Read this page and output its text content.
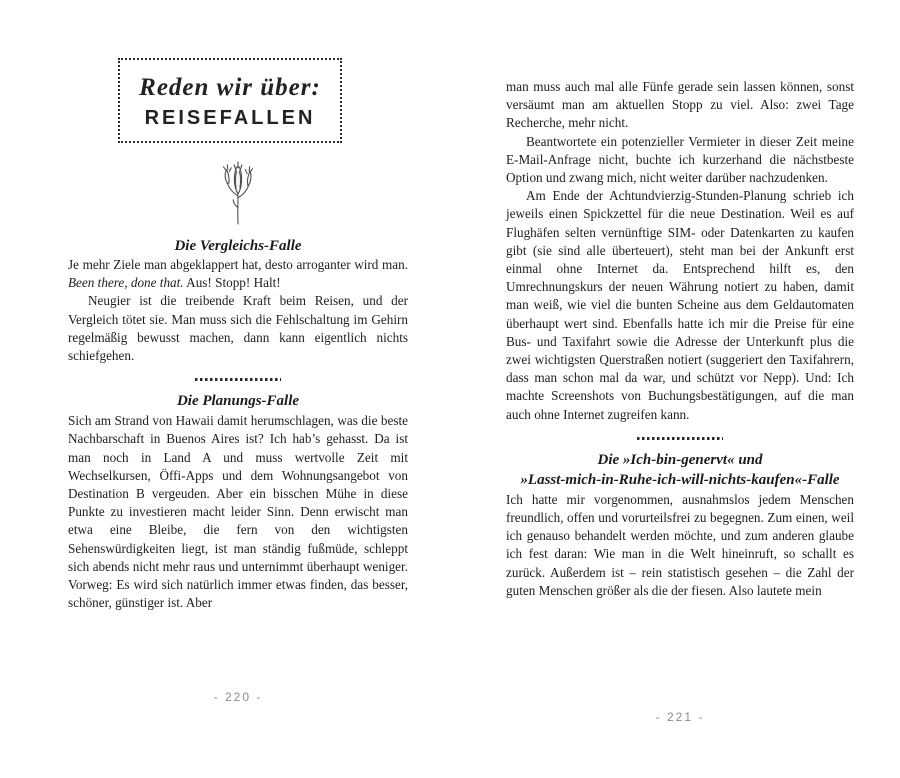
Reden wir über:
REISEFALLEN
Die Vergleichs-Falle

Je mehr Ziele man abgeklappert hat, desto arroganter wird man. Been there, done that. Aus! Stopp! Halt!

Neugier ist die treibende Kraft beim Reisen, und der Vergleich tötet sie. Man muss sich die Fehlschaltung im Gehirn regelmäßig bewusst machen, dann kann eigentlich nichts schiefgehen.

Die Planungs-Falle

Sich am Strand von Hawaii damit herumschlagen, was die beste Nachbarschaft in Buenos Aires ist? Ich hab’s gehasst. Da ist man noch in Land A und muss wertvolle Zeit mit Wechselkursen, Öffi-Apps und dem Wohnungsangebot von Destination B vergeuden. Aber ein bisschen Mühe in diese Punkte zu investieren macht leider Sinn. Denn erwischt man etwa eine Bleibe, die fern von den wichtigsten Sehenswürdigkeiten liegt, ist man ständig fußmüde, schleppt sich abends nicht mehr raus und unternimmt überhaupt weniger. Vorweg: Es wird sich natürlich immer etwas finden, das besser, schöner, günstiger ist. Aber

- 220 -

man muss auch mal alle Fünfe gerade sein lassen können, sonst versäumt man am aktuellen Stopp zu viel. Also: zwei Tage Recherche, mehr nicht.

Beantwortete ein potenzieller Vermieter in dieser Zeit meine E-Mail-Anfrage nicht, buchte ich kurzerhand die nächstbeste Option und zwang mich, nicht weiter darüber nachzudenken.

Am Ende der Achtundvierzig-Stunden-Planung schrieb ich jeweils einen Spickzettel für die neue Destination. Weil es auf Flughäfen selten vernünftige SIM- oder Datenkarten zu kaufen gibt (sie sind alle überteuert), steht man bei der Ankunft erst einmal ohne Internet da. Entsprechend hilft es, den Umrechnungskurs der neuen Währung notiert zu haben, damit man weiß, wie viel die bunten Scheine aus dem Geldautomaten überhaupt wert sind. Ebenfalls hatte ich mir die Preise für eine Bus- und Taxifahrt sowie die Adresse der Unterkunft plus die zwei wichtigsten Querstraßen notiert (suggeriert den Taxifahrern, dass man schon mal da war, und schützt vor Nepp). Und: Ich machte Screenshots von Buchungsbestätigungen, auf die man auch ohne Internet zugreifen kann.

Die »Ich-bin-genervt« und
»Lasst-mich-in-Ruhe-ich-will-nichts-kaufen«-Falle

Ich hatte mir vorgenommen, ausnahmslos jedem Menschen freundlich, offen und vorurteilsfrei zu begegnen. Zum einen, weil ich genauso behandelt werden möchte, und zum anderen glaube ich fest daran: Wie man in die Welt hineinruft, so schallt es zurück. Außerdem ist – rein statistisch gesehen – die Zahl der guten Menschen größer als die der fiesen. Also lautete mein

- 221 -
